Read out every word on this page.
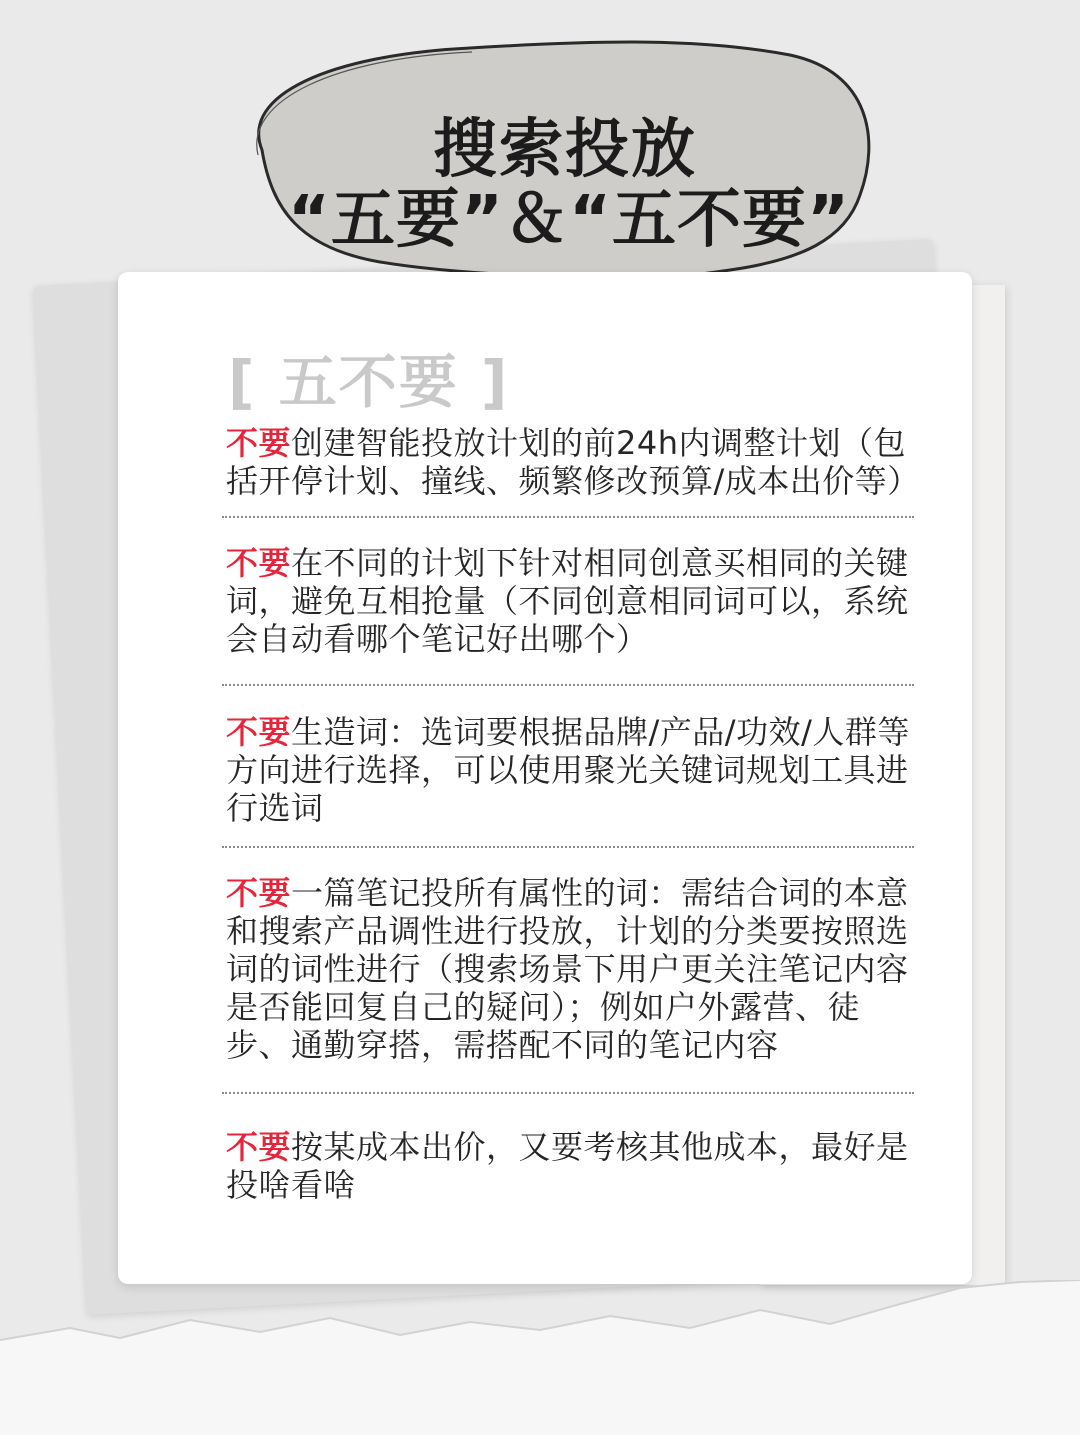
搜索投放
“五要”＆“五不要”
[ 五不要 ]
不要创建智能投放计划的前24h内调整计划（包括开停计划、撞线、频繁修改预算/成本出价等）
不要在不同的计划下针对相同创意买相同的关键词，避免互相抢量（不同创意相同词可以，系统会自动看哪个笔记好出哪个）
不要生造词：选词要根据品牌/产品/功效/人群等方向进行选择，可以使用聚光关键词规划工具进行选词
不要一篇笔记投所有属性的词：需结合词的本意和搜索产品调性进行投放，计划的分类要按照选词的词性进行（搜索场景下用户更关注笔记内容是否能回复自己的疑问）；例如户外露营、徒步、通勤穿搭，需搭配不同的笔记内容
不要按某成本出价，又要考核其他成本，最好是投啥看啥
